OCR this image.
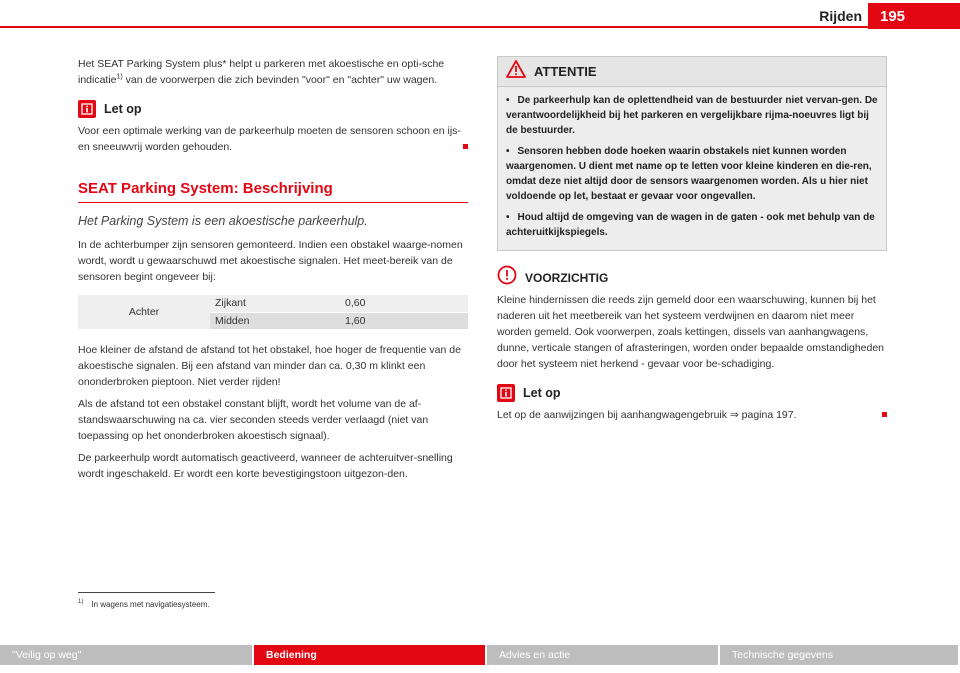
Rijden	195

Het SEAT Parking System plus* helpt u parkeren met akoestische en opti-sche indicatie$^{1)}$ van de voorwerpen die zich bevinden "voor" en "achter" uw wagen.

Let op

Voor een optimale werking van de parkeerhulp moeten de sensoren schoon en ijs- en sneeuwvrij worden gehouden.

SEAT Parking System: Beschrijving
Het Parking System is een akoestische parkeerhulp.

In de achterbumper zijn sensoren gemonteerd. Indien een obstakel waarge-nomen wordt, wordt u gewaarschuwd met akoestische signalen. Het meet-bereik van de sensoren begint ongeveer bij:

Achter	Zijkant	0,60
	Midden	1,60

Hoe kleiner de afstand de afstand tot het obstakel, hoe hoger de frequentie van de akoestische signalen. Bij een afstand van minder dan ca. 0,30 m klinkt een ononderbroken pieptoon. Niet verder rijden!

Als de afstand tot een obstakel constant blijft, wordt het volume van de af-standswaarschuwing na ca. vier seconden steeds verder verlaagd (niet van toepassing op het ononderbroken akoestisch signaal).

De parkeerhulp wordt automatisch geactiveerd, wanneer de achteruitver-snelling wordt ingeschakeld. Er wordt een korte bevestigingstoon uitgezon-den.

ATTENTIE

• De parkeerhulp kan de oplettendheid van de bestuurder niet vervan-gen. De verantwoordelijkheid bij het parkeren en vergelijkbare rijma-noeuvres ligt bij de bestuurder.

• Sensoren hebben dode hoeken waarin obstakels niet kunnen worden waargenomen. U dient met name op te letten voor kleine kinderen en die-ren, omdat deze niet altijd door de sensors waargenomen worden. Als u hier niet voldoende op let, bestaat er gevaar voor ongevallen.

• Houd altijd de omgeving van de wagen in de gaten - ook met behulp van de achteruitkijkspiegels.

VOORZICHTIG

Kleine hindernissen die reeds zijn gemeld door een waarschuwing, kunnen bij het naderen uit het meetbereik van het systeem verdwijnen en daarom niet meer worden gemeld. Ook voorwerpen, zoals kettingen, dissels van aanhangwagens, dunne, verticale stangen of afrasteringen, worden onder bepaalde omstandigheden door het systeem niet herkend - gevaar voor be-schadiging.

Let op

Let op de aanwijzingen bij aanhangwagengebruik ⇒ pagina 197.

$^{1)}$ In wagens met navigatiesysteem.
"Veilig op weg"	Bediening	Advies en actie	Technische gegevens
